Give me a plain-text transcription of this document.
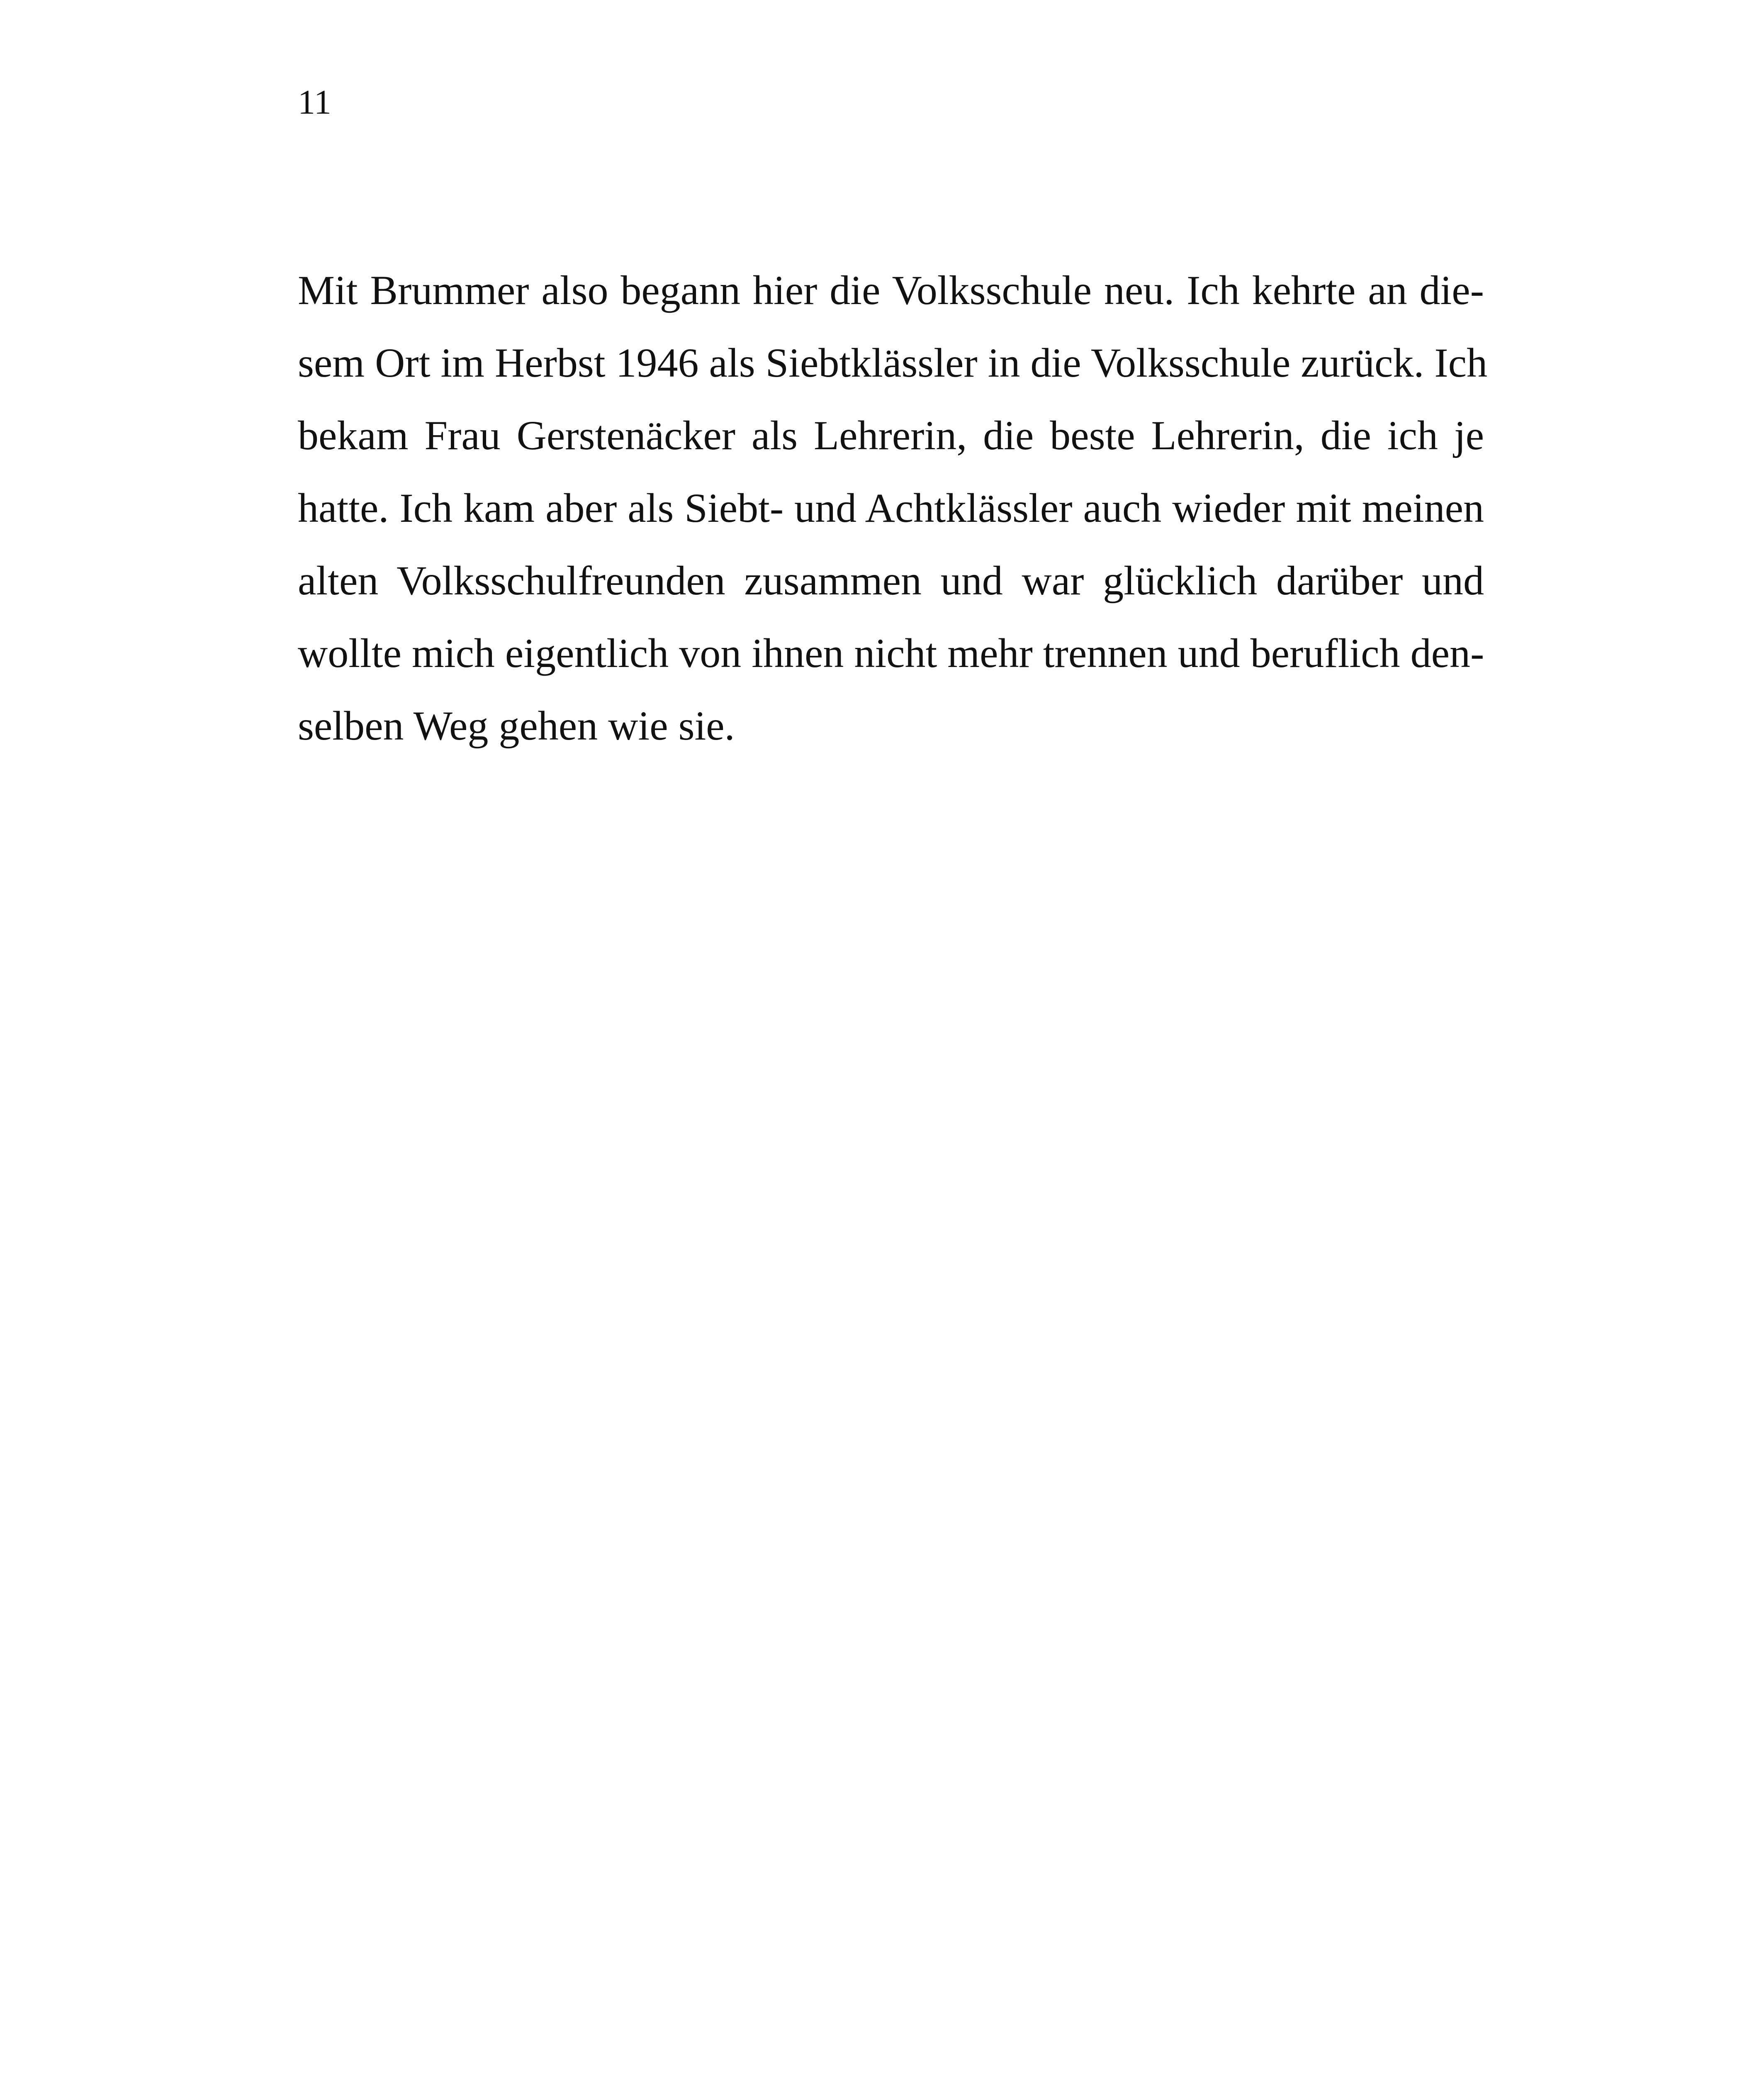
11
Mit Brummer also begann hier die Volksschule neu. Ich kehrte an die-
sem Ort im Herbst 1946 als Siebtklässler in die Volksschule zurück. Ich
bekam Frau Gerstenäcker als Lehrerin, die beste Lehrerin, die ich je
hatte. Ich kam aber als Siebt- und Achtklässler auch wieder mit meinen
alten Volksschulfreunden zusammen und war glücklich darüber und
wollte mich eigentlich von ihnen nicht mehr trennen und beruflich den-
selben Weg gehen wie sie.
